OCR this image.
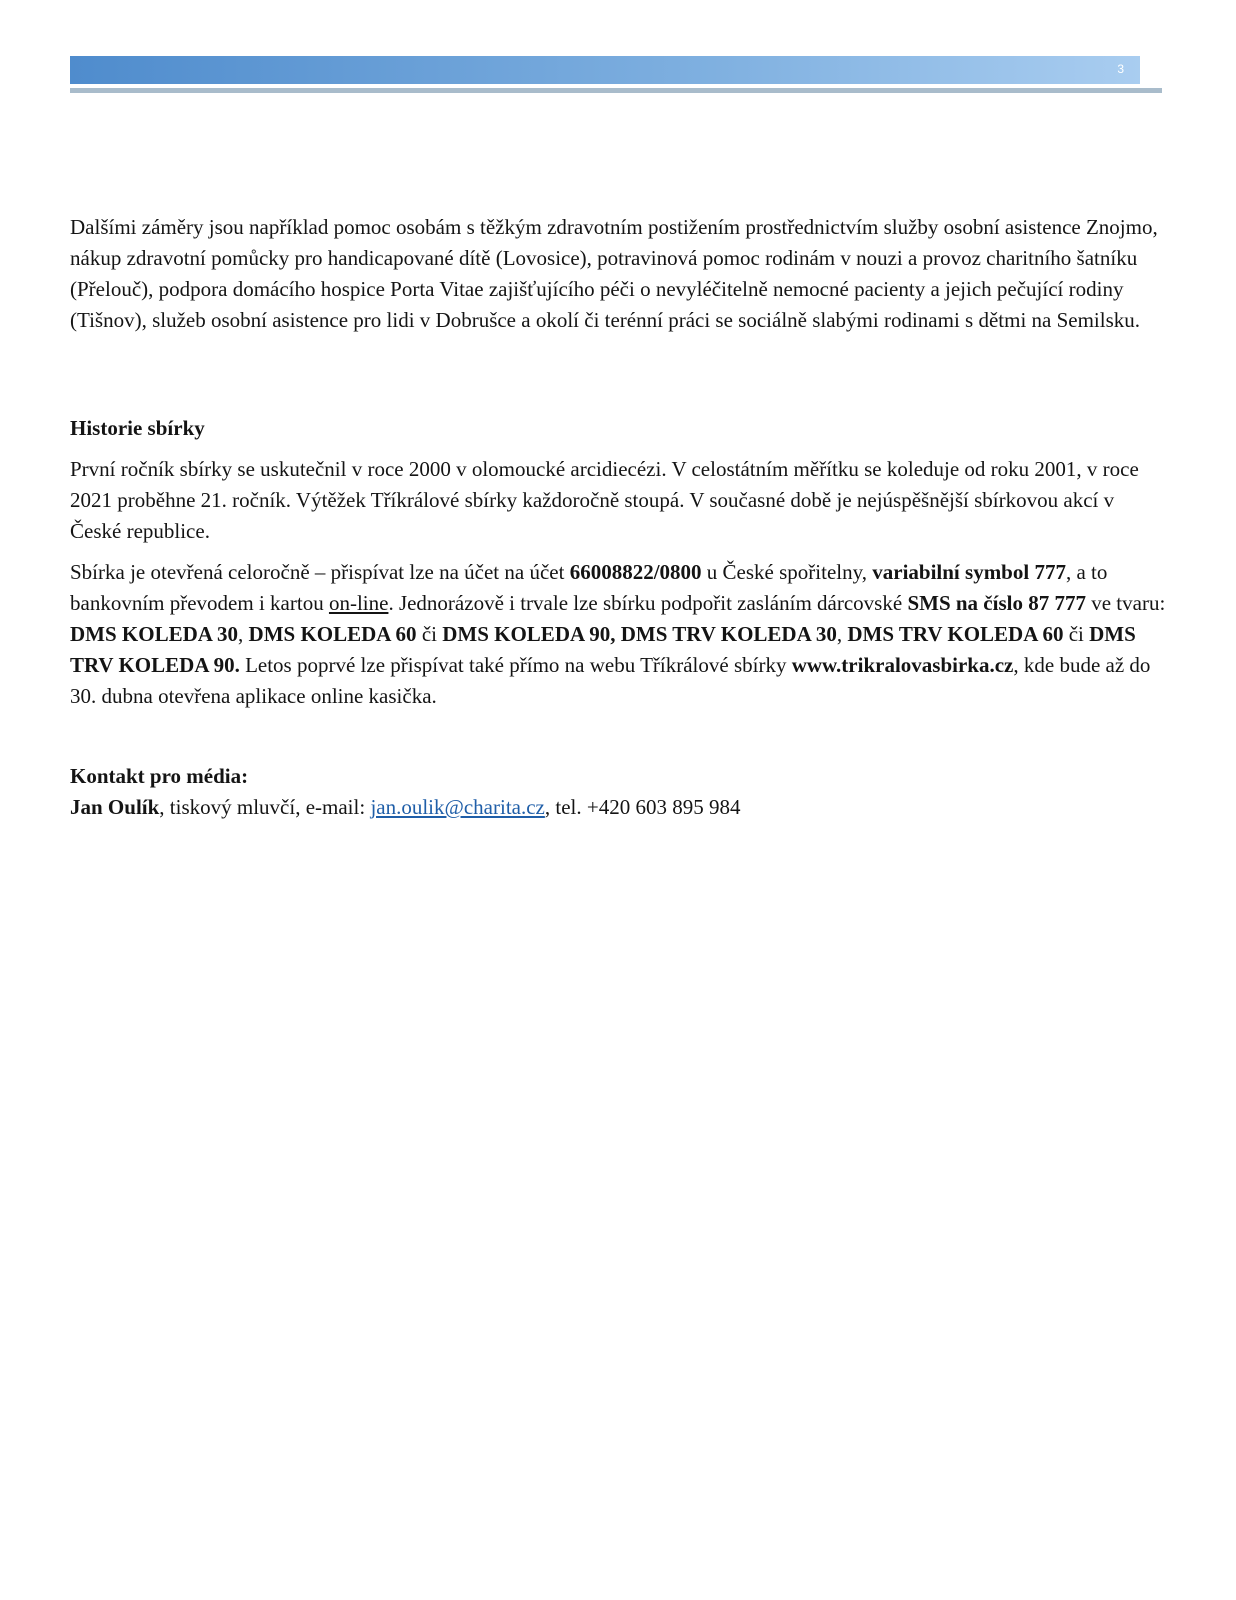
3

Dalšími záměry jsou například pomoc osobám s těžkým zdravotním postižením prostřednictvím služby osobní asistence Znojmo, nákup zdravotní pomůcky pro handicapované dítě (Lovosice), potravinová pomoc rodinám v nouzi a provoz charitního šatníku (Přelouč), podpora domácího hospice Porta Vitae zajišťujícího péči o nevyléčitelně nemocné pacienty a jejich pečující rodiny (Tišnov), služeb osobní asistence pro lidi v Dobrušce a okolí či terénní práci se sociálně slabými rodinami s dětmi na Semilsku.

Historie sbírky

První ročník sbírky se uskutečnil v roce 2000 v olomoucké arcidiecézi. V celostátním měřítku se koleduje od roku 2001, v roce 2021 proběhne 21. ročník. Výtěžek Tříkrálové sbírky každoročně stoupá. V současné době je nejúspěšnější sbírkovou akcí v České republice.

Sbírka je otevřená celoročně – přispívat lze na účet na účet 66008822/0800 u České spořitelny, variabilní symbol 777, a to bankovním převodem i kartou on-line. Jednorázově i trvale lze sbírku podpořit zasláním dárcovské SMS na číslo 87 777 ve tvaru: DMS KOLEDA 30, DMS KOLEDA 60 či DMS KOLEDA 90, DMS TRV KOLEDA 30, DMS TRV KOLEDA 60 či DMS TRV KOLEDA 90. Letos poprvé lze přispívat také přímo na webu Tříkrálové sbírky www.trikralovasbirka.cz, kde bude až do 30. dubna otevřena aplikace online kasička.

Kontakt pro média:

Jan Oulík, tiskový mluvčí, e-mail: jan.oulik@charita.cz, tel. +420 603 895 984
